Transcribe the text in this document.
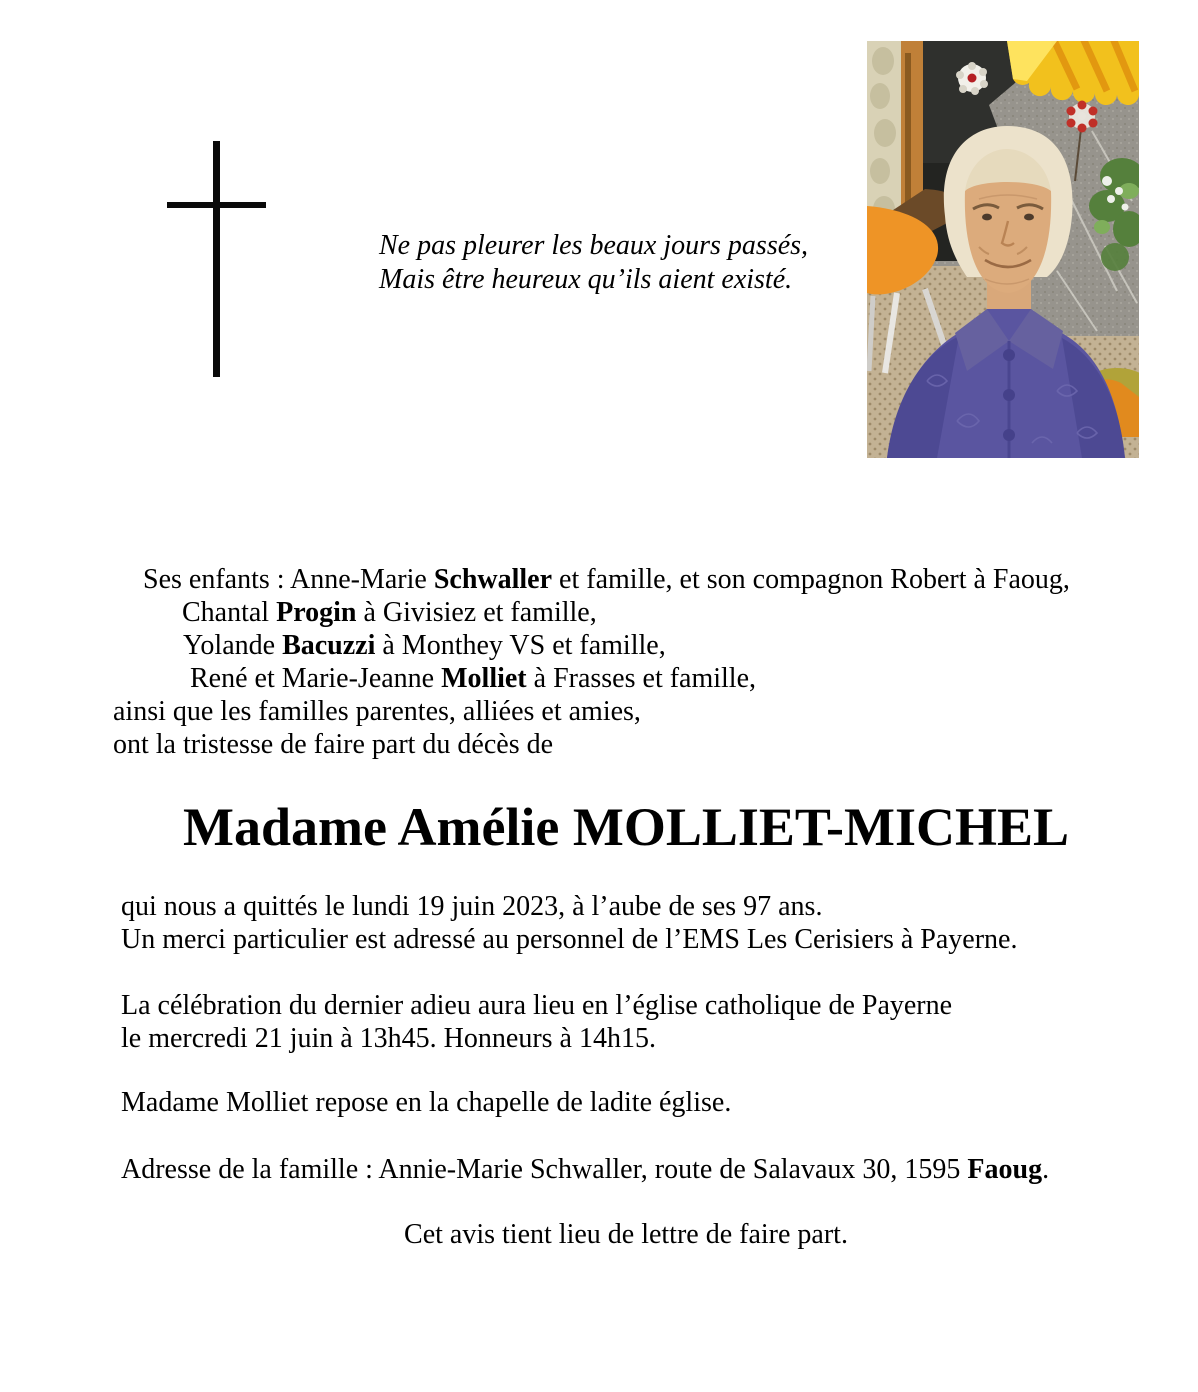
Ne pas pleurer les beaux jours passés,
Mais être heureux qu’ils aient existé.
Ses enfants : Anne-Marie Schwaller et famille, et son compagnon Robert à Faoug,
Chantal Progin à Givisiez et famille,
Yolande Bacuzzi à Monthey VS et famille,
René et Marie-Jeanne Molliet à Frasses et famille,
ainsi que les familles parentes, alliées et amies,
ont la tristesse de faire part du décès de
Madame Amélie MOLLIET-MICHEL

qui nous a quittés le lundi 19 juin 2023, à l’aube de ses 97 ans.
Un merci particulier est adressé au personnel de l’EMS Les Cerisiers à Payerne.

La célébration du dernier adieu aura lieu en l’église catholique de Payerne
le mercredi 21 juin à 13h45. Honneurs à 14h15.

Madame Molliet repose en la chapelle de ladite église.

Adresse de la famille : Annie-Marie Schwaller, route de Salavaux 30, 1595 Faoug.

Cet avis tient lieu de lettre de faire part.
